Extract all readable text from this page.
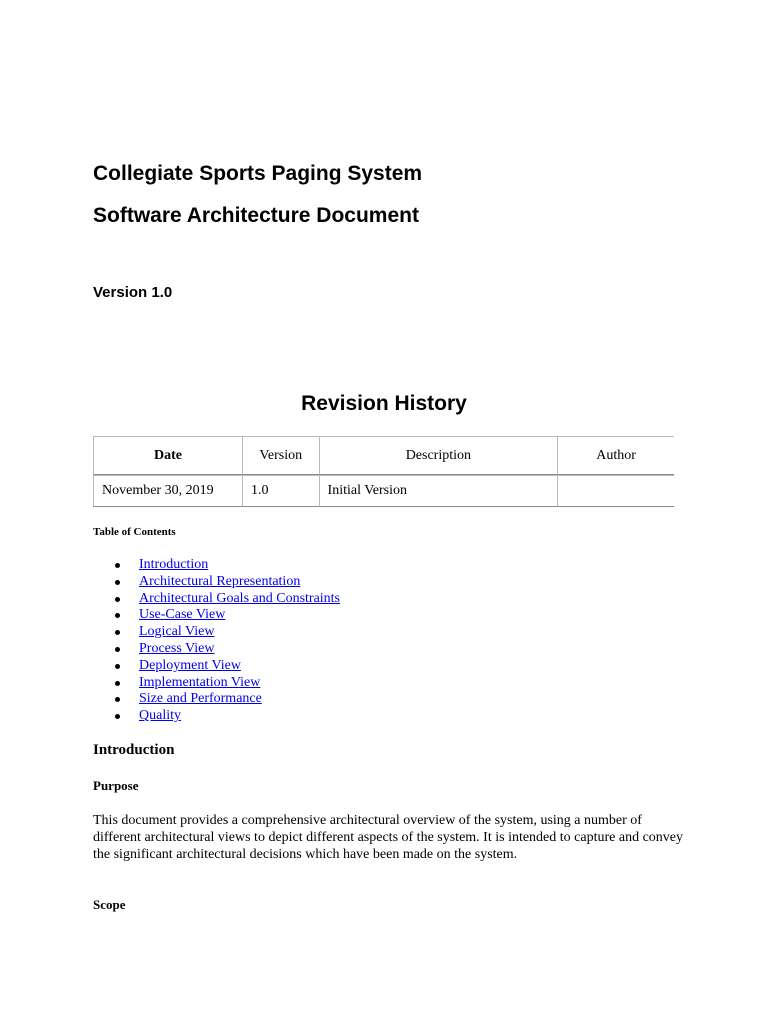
Collegiate Sports Paging System
Software Architecture Document
Version 1.0
Revision History
Date	Version	Description	Author
November 30, 2019	1.0	Initial Version	
Table of Contents
Introduction
Architectural Representation
Architectural Goals and Constraints
Use-Case View
Logical View
Process View
Deployment View
Implementation View
Size and Performance
Quality
Introduction
Purpose

This document provides a comprehensive architectural overview of the system, using a number of different architectural views to depict different aspects of the system. It is intended to capture and convey the significant architectural decisions which have been made on the system.

Scope
